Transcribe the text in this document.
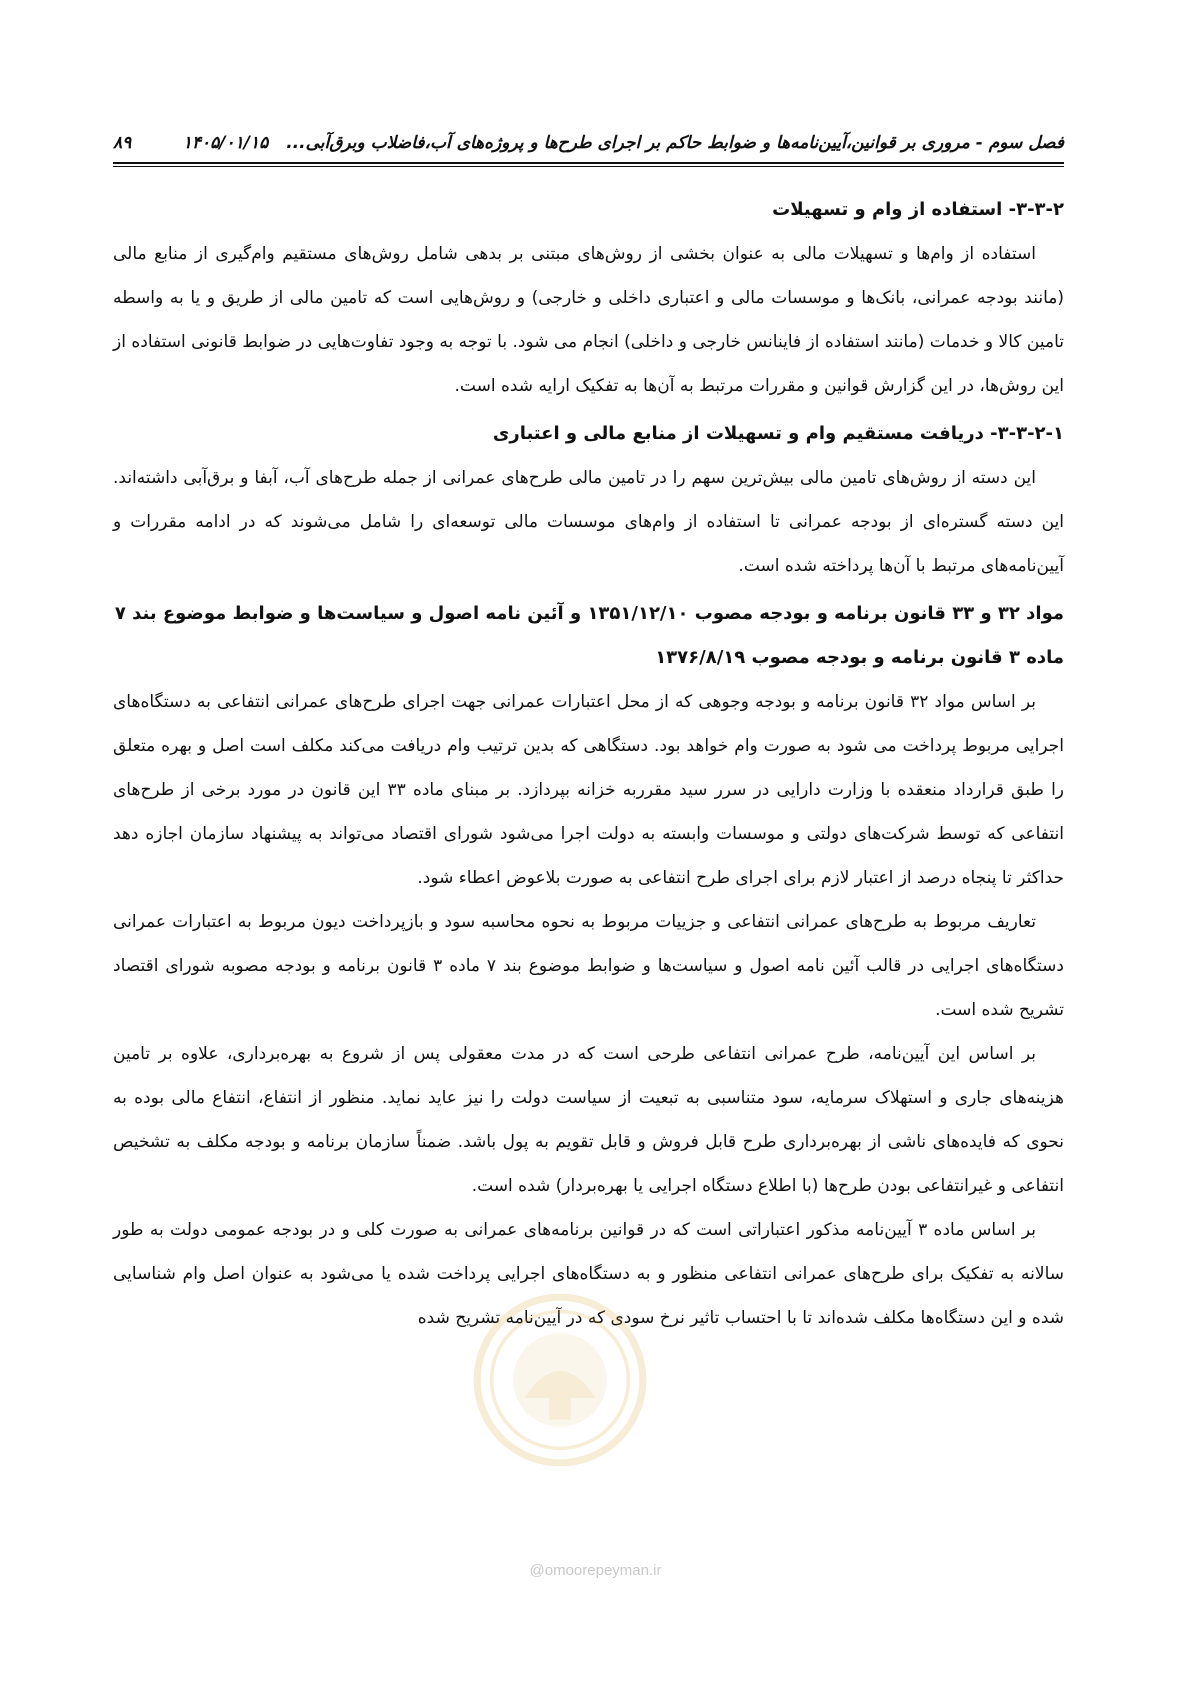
فصل سوم - مروری بر قوانین،آیین‌نامه‌ها و ضوابط حاکم بر اجرای طرح‌ها و پروژه‌های آب،فاضلاب وبرق‌آبی...
۱۴۰۵/۰۱/۱۵
۸۹

۳-۳-۲- استفاده از وام و تسهیلات

استفاده از وام‌ها و تسهیلات مالی به عنوان بخشی از روش‌های مبتنی بر بدهی شامل روش‌های مستقیم وام‌گیری از منابع مالی (مانند بودجه عمرانی، بانک‌ها و موسسات مالی و اعتباری داخلی و خارجی) و روش‌هایی است که تامین مالی از طریق و یا به واسطه تامین کالا و خدمات (مانند استفاده از فاینانس خارجی و داخلی) انجام می شود. با توجه به وجود تفاوت‌هایی در ضوابط قانونی استفاده از این روش‌ها، در این گزارش قوانین و مقررات مرتبط به آن‌ها به تفکیک ارایه شده است.

۳-۳-۲-۱- دریافت مستقیم وام و تسهیلات از منابع مالی و اعتباری

این دسته از روش‌های تامین مالی بیش‌ترین سهم را در تامین مالی طرح‌های عمرانی از جمله طرح‌های آب، آبفا و برق‌آبی داشته‌اند. این دسته گستره‌ای از بودجه عمرانی تا استفاده از وام‌های موسسات مالی توسعه‌ای را شامل می‌شوند که در ادامه مقررات و آیین‌نامه‌های مرتبط با آن‌ها پرداخته شده است.

مواد ۳۲ و ۳۳ قانون برنامه و بودجه مصوب ۱۳۵۱/۱۲/۱۰ و آئین نامه اصول و سیاست‌ها و ضوابط موضوع بند ۷ ماده ۳ قانون برنامه و بودجه مصوب ۱۳۷۶/۸/۱۹

بر اساس مواد ۳۲ قانون برنامه و بودجه وجوهی که از محل اعتبارات عمرانی جهت اجرای طرح‌های عمرانی انتفاعی به دستگاه‌های اجرایی مربوط پرداخت می شود به صورت وام خواهد بود. دستگاهی که بدین ترتیب وام دریافت می‌کند مکلف است اصل و بهره متعلق را طبق قرارداد منعقده با وزارت دارایی در سرر سید مقرربه خزانه بپردازد. بر مبنای ماده ۳۳ این قانون در مورد برخی از طرح‌های انتفاعی که توسط شرکت‌های دولتی و موسسات وابسته به دولت اجرا می‌شود شورای اقتصاد می‌تواند به پیشنهاد سازمان اجازه دهد حداکثر تا پنجاه درصد از اعتبار لازم برای اجرای طرح انتفاعی به صورت بلاعوض اعطاء شود.

تعاریف مربوط به طرح‌های عمرانی انتفاعی و جزییات مربوط به نحوه محاسبه سود و بازپرداخت دیون مربوط به اعتبارات عمرانی دستگاه‌های اجرایی در قالب آئین نامه اصول و سیاست‌ها و ضوابط موضوع بند ۷ ماده ۳ قانون برنامه و بودجه مصوبه شورای اقتصاد تشریح شده است.

بر اساس این آیین‌نامه، طرح عمرانی انتفاعی طرحی است که در مدت معقولی پس از شروع به بهره‌برداری، علاوه بر تامین هزینه‌های جاری و استهلاک سرمایه، سود متناسبی به تبعیت از سیاست دولت را نیز عاید نماید. منظور از انتفاع، انتفاع مالی بوده به نحوی که فایده‌های ناشی از بهره‌برداری طرح قابل فروش و قابل تقویم به پول باشد. ضمناً سازمان برنامه و بودجه مکلف به تشخیص انتفاعی و غیرانتفاعی بودن طرح‌ها (با اطلاع دستگاه اجرایی یا بهره‌بردار) شده است.

بر اساس ماده ۳ آیین‌نامه مذکور اعتباراتی است که در قوانین برنامه‌های عمرانی به صورت کلی و در بودجه عمومی دولت به طور سالانه به تفکیک برای طرح‌های عمرانی انتفاعی منظور و به دستگاه‌های اجرایی پرداخت شده یا می‌شود به عنوان اصل وام شناسایی شده و این دستگاه‌ها مکلف شده‌اند تا با احتساب تاثیر نرخ سودی که در آیین‌نامه تشریح شده

@omoorepeyman.ir
